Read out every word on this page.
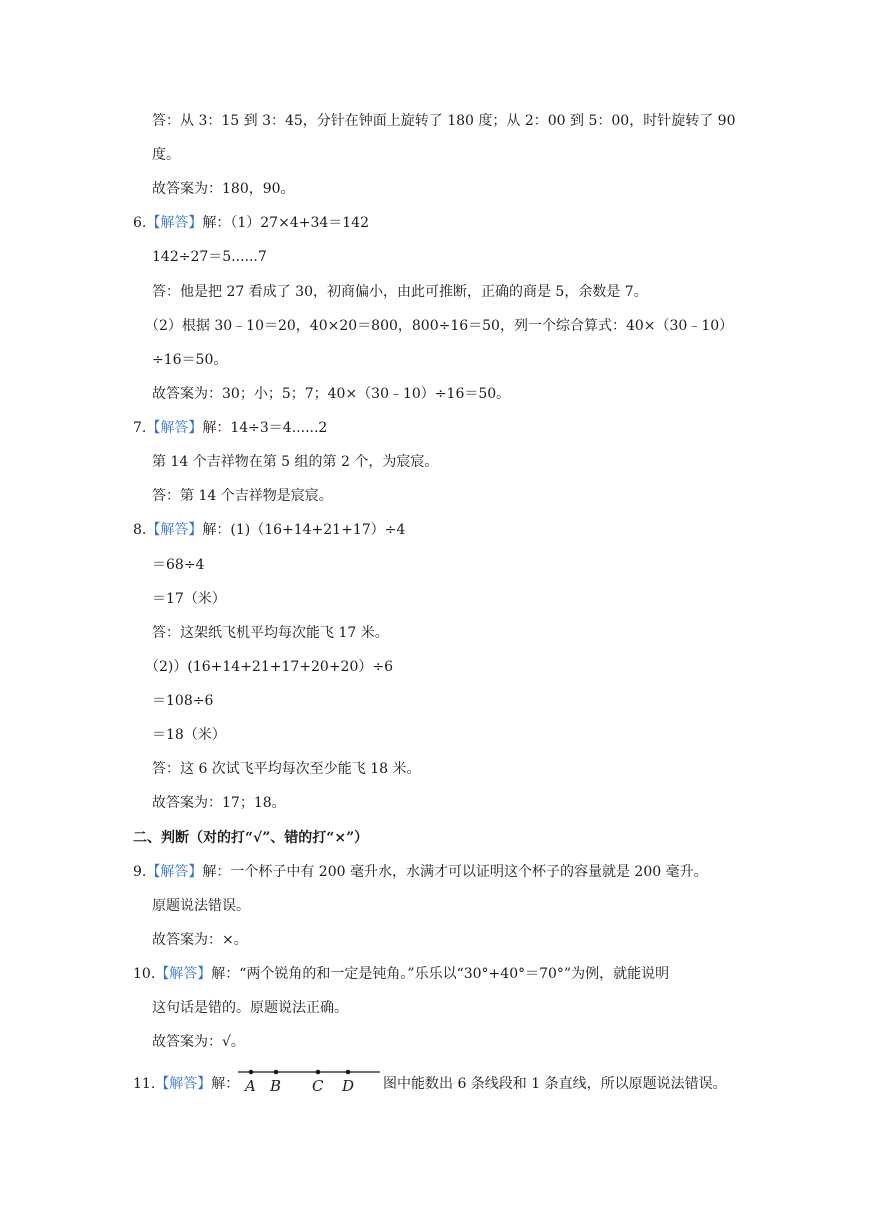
答：从 3：15 到 3：45，分针在钟面上旋转了 180 度；从 2：00 到 5：00，时针旋转了 90
度。
故答案为：180，90。
6.【解答】解：（1）27×4+34＝142
142÷27＝5......7
答：他是把 27 看成了 30，初商偏小，由此可推断，正确的商是 5，余数是 7。
（2）根据 30﹣10＝20，40×20＝800，800÷16＝50，列一个综合算式：40×（30﹣10）
÷16＝50。
故答案为：30；小；5；7；40×（30﹣10）÷16＝50。
7.【解答】解：14÷3＝4......2
第 14 个吉祥物在第 5 组的第 2 个，为宸宸。
答：第 14 个吉祥物是宸宸。
8.【解答】解：(1)（16+14+21+17）÷4
＝68÷4
＝17（米）
答：这架纸飞机平均每次能飞 17 米。
（2)）(16+14+21+17+20+20）÷6
＝108÷6
＝18（米）
答：这 6 次试飞平均每次至少能飞 18 米。
故答案为：17；18。
二、判断（对的打“√”、错的打“×”）
9.【解答】解：一个杯子中有 200 毫升水，水满才可以证明这个杯子的容量就是 200 毫升。
原题说法错误。
故答案为：×。
10.【解答】解：“两个锐角的和一定是钝角。”乐乐以“30°+40°＝70°”为例，就能说明
这句话是错的。原题说法正确。
故答案为：√。
11.【解答】解： A B C D 图中能数出 6 条线段和 1 条直线，所以原题说法错误。
